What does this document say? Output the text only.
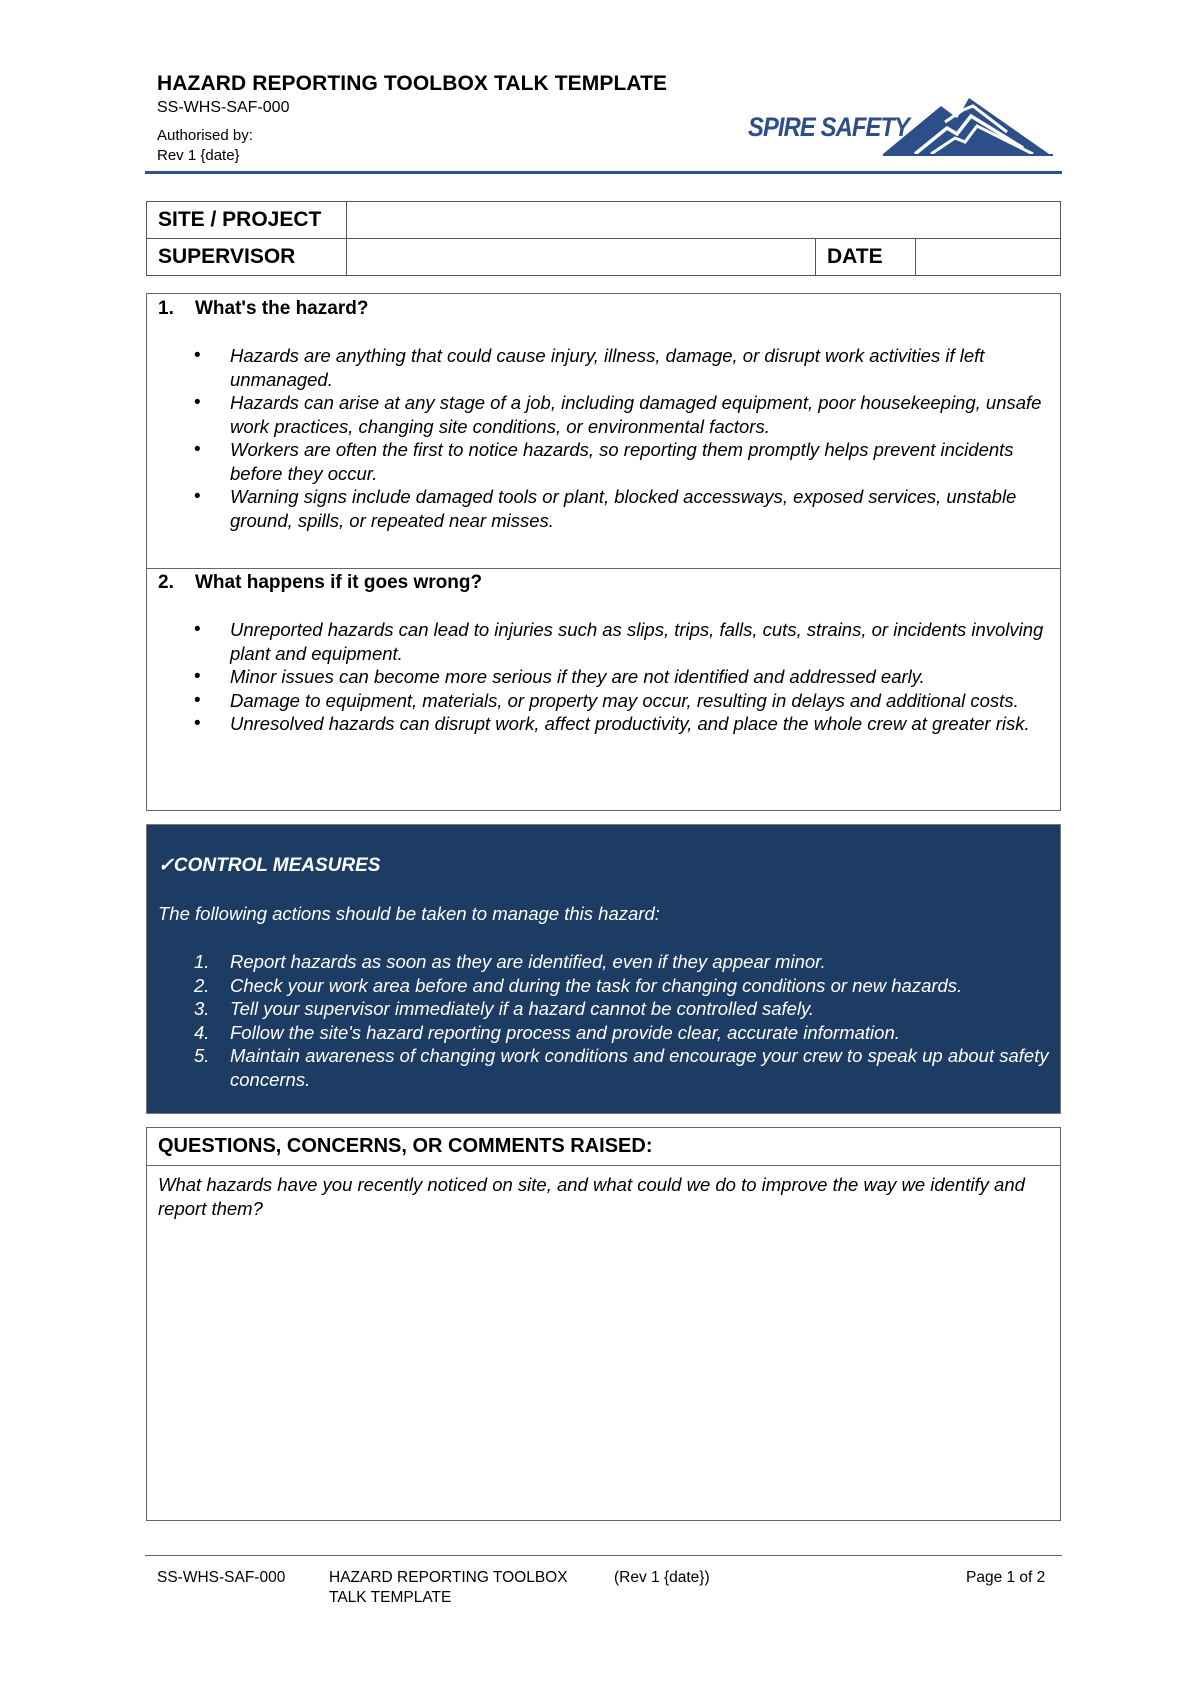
HAZARD REPORTING TOOLBOX TALK TEMPLATE
SS-WHS-SAF-000
Authorised by:
Rev 1 {date}
SPIRE SAFETY
SITE / PROJECT			
SUPERVISOR		DATE	
1. What's the hazard?
• Hazards are anything that could cause injury, illness, damage, or disrupt work activities if left unmanaged.
• Hazards can arise at any stage of a job, including damaged equipment, poor housekeeping, unsafe work practices, changing site conditions, or environmental factors.
• Workers are often the first to notice hazards, so reporting them promptly helps prevent incidents before they occur.
• Warning signs include damaged tools or plant, blocked accessways, exposed services, unstable ground, spills, or repeated near misses.
2. What happens if it goes wrong?
• Unreported hazards can lead to injuries such as slips, trips, falls, cuts, strains, or incidents involving plant and equipment.
• Minor issues can become more serious if they are not identified and addressed early.
• Damage to equipment, materials, or property may occur, resulting in delays and additional costs.
• Unresolved hazards can disrupt work, affect productivity, and place the whole crew at greater risk.
✓CONTROL MEASURES
The following actions should be taken to manage this hazard:
1. Report hazards as soon as they are identified, even if they appear minor.
2. Check your work area before and during the task for changing conditions or new hazards.
3. Tell your supervisor immediately if a hazard cannot be controlled safely.
4. Follow the site's hazard reporting process and provide clear, accurate information.
5. Maintain awareness of changing work conditions and encourage your crew to speak up about safety concerns.
QUESTIONS, CONCERNS, OR COMMENTS RAISED:
What hazards have you recently noticed on site, and what could we do to improve the way we identify and report them?
SS-WHS-SAF-000	HAZARD REPORTING TOOLBOX TALK TEMPLATE
(Rev 1 {date})	Page 1 of 2
